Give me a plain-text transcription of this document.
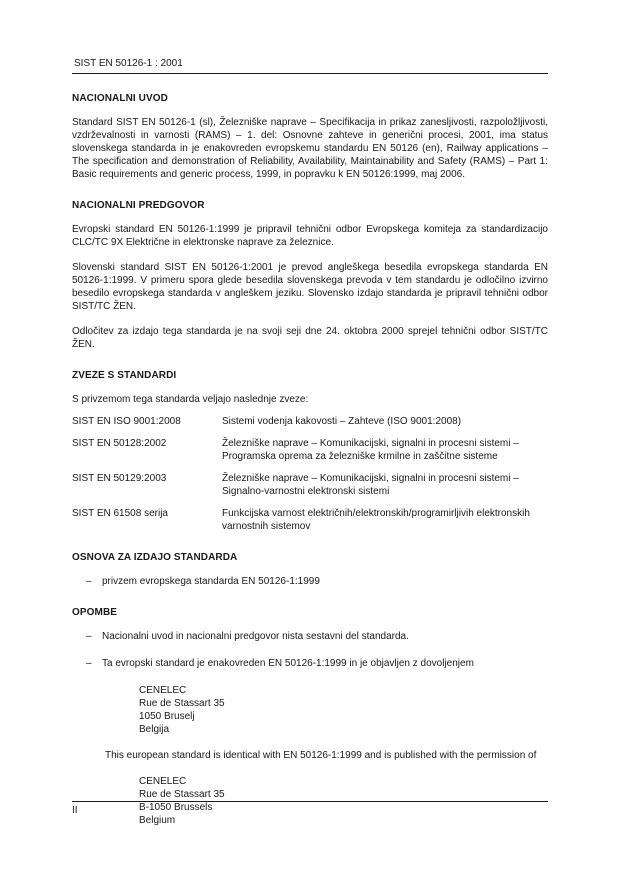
SIST EN 50126-1 : 2001

NACIONALNI UVOD

Standard SIST EN 50126-1 (sl), Železniške naprave – Specifikacija in prikaz zanesljivosti, razpoložljivosti, vzdrževalnosti in varnosti (RAMS) – 1. del: Osnovne zahteve in generični procesi, 2001, ima status slovenskega standarda in je enakovreden evropskemu standardu EN 50126 (en), Railway applications – The specification and demonstration of Reliability, Availability, Maintainability and Safety (RAMS) – Part 1: Basic requirements and generic process, 1999, in popravku k EN 50126:1999, maj 2006.

NACIONALNI PREDGOVOR

Evropski standard EN 50126-1:1999 je pripravil tehnični odbor Evropskega komiteja za standardizacijo CLC/TC 9X Električne in elektronske naprave za železnice.

Slovenski standard SIST EN 50126-1:2001 je prevod angleškega besedila evropskega standarda EN 50126-1:1999. V primeru spora glede besedila slovenskega prevoda v tem standardu je odločilno izvirno besedilo evropskega standarda v angleškem jeziku. Slovensko izdajo standarda je pripravil tehnični odbor SIST/TC ŽEN.

Odločitev za izdajo tega standarda je na svoji seji dne 24. oktobra 2000 sprejel tehnični odbor SIST/TC ŽEN.

ZVEZE S STANDARDI

S privzemom tega standarda veljajo naslednje zveze:

SIST EN ISO 9001:2008	Sistemi vodenja kakovosti – Zahteve (ISO 9001:2008)
SIST EN 50128:2002	Železniške naprave – Komunikacijski, signalni in procesni sistemi – Programska oprema za železniške krmilne in zaščitne sisteme
SIST EN 50129:2003	Železniške naprave – Komunikacijski, signalni in procesni sistemi – Signalno-varnostni elektronski sistemi
SIST EN 61508 serija	Funkcijska varnost električnih/elektronskih/programirljivih elektronskih varnostnih sistemov
OSNOVA ZA IZDAJO STANDARDA
–	privzem evropskega standarda EN 50126-1:1999
OPOMBE
–	Nacionalni uvod in nacionalni predgovor nista sestavni del standarda.
–	Ta evropski standard je enakovreden EN 50126-1:1999 in je objavljen z dovoljenjem
CENELEC
Rue de Stassart 35
1050 Bruselj
Belgija

This european standard is identical with EN 50126-1:1999 and is published with the permission of

CENELEC
Rue de Stassart 35
B-1050 Brussels
Belgium

II
